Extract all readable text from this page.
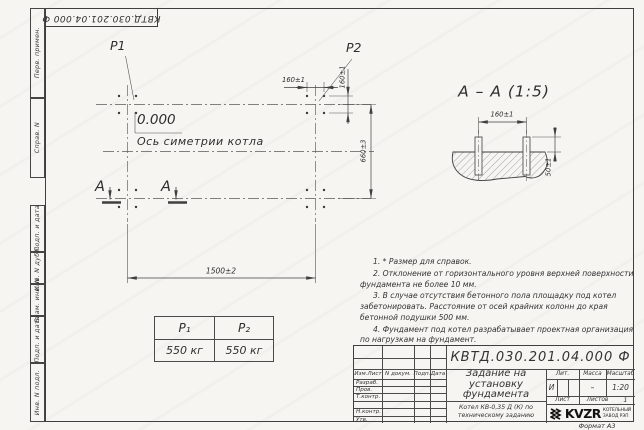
КВТД.030.201.04.000 Ф
Перв. примен.
Справ. N
Подп. и дата
Инв. N дубл.
Взам. инв. N
Подп. и дата
Инв. N подл.
P1	P2
0.000
Ось симетрии котла
А	А
160±1	160±1
660±3
1500±2
А – А (1:5)
160±1
50±1
P₁	P₂
550 кг	550 кг

1. * Размер для справок.

2. Отклонение от горизонтального уровня верхней поверхности фундамента не более 10 мм.

3. В случае отсутствия бетонного пола площадку под котел забетонировать. Расстояние от осей крайних колонн до края бетонной подушки 500 мм.

4. Фундамент под котел разрабатывает проектная организация по нагрузкам на фундамент.

КВТД.030.201.04.000 Ф
Изм.Лист N докум. Подп. Дата
Разраб.
Пров.
Т.контр.
Н.контр.
Утв.
Задание на установку фундамента
Котел КВ-0,35 Д (К) по техническому заданию
Лит.	Масса Масштаб
И	–	1:20
Лист	Листов	1
KVZR КОТЕЛЬНЫЙ
ЗАВОД РЭП
Формат А3
